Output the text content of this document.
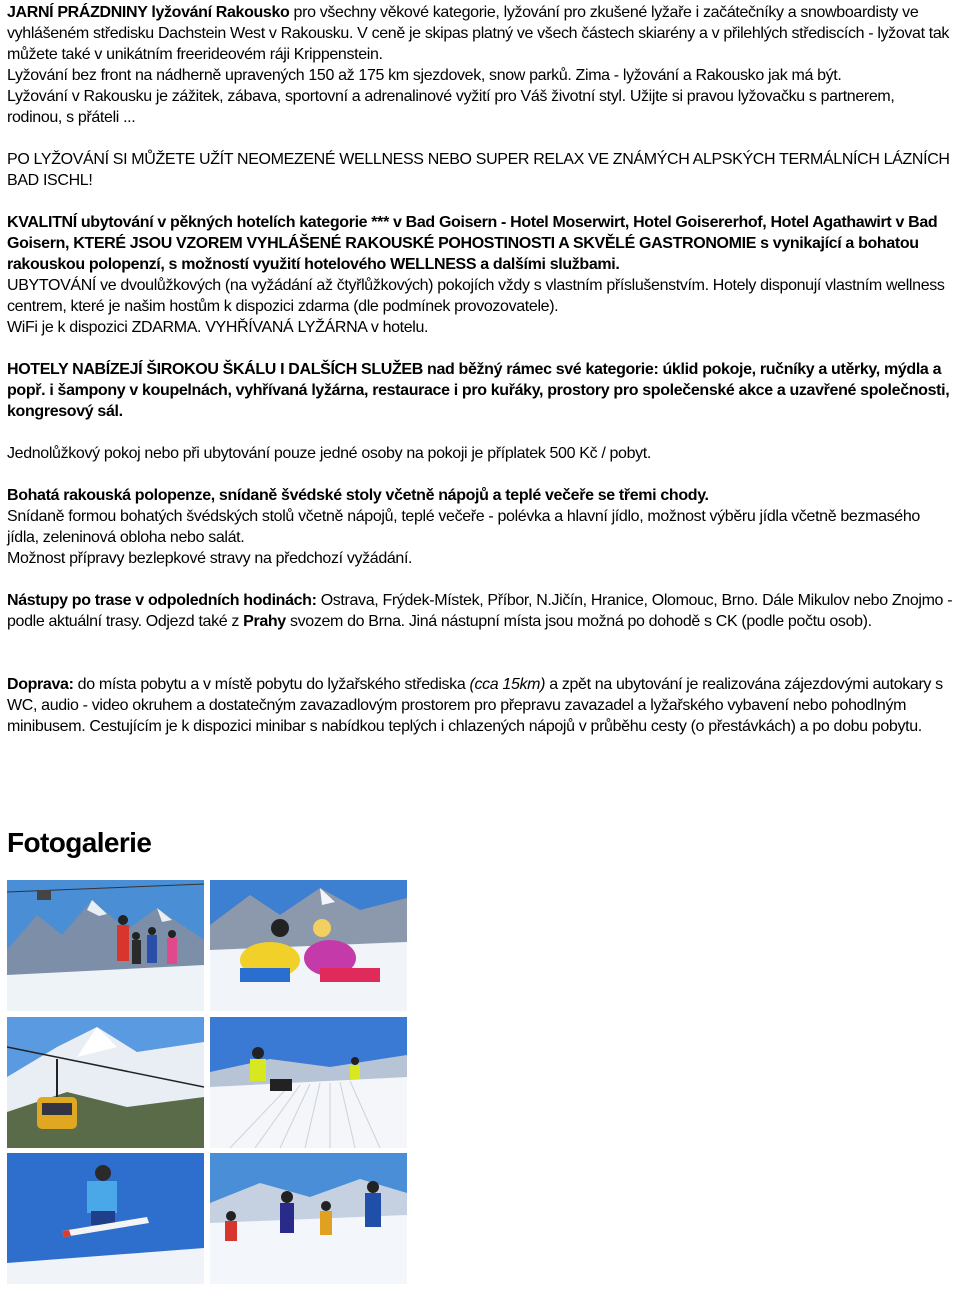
JARNÍ PRÁZDNINY lyžování Rakousko pro všechny věkové kategorie, lyžování pro zkušené lyžaře i začátečníky a snowboardisty ve vyhlášeném středisku Dachstein West v Rakousku. V ceně je skipas platný ve všech částech skiarény a v přilehlých střediscích - lyžovat tak můžete také v unikátním freerideovém ráji Krippenstein.

Lyžování bez front na nádherně upravených 150 až 175 km sjezdovek, snow parků. Zima - lyžování a Rakousko jak má být.

Lyžování v Rakousku je zážitek, zábava, sportovní a adrenalinové vyžití pro Váš životní styl. Užijte si pravou lyžovačku s partnerem, rodinou, s přáteli ...

PO LYŽOVÁNÍ SI MŮŽETE UŽÍT NEOMEZENÉ WELLNESS NEBO SUPER RELAX VE ZNÁMÝCH ALPSKÝCH TERMÁLNÍCH LÁZNÍCH BAD ISCHL!

KVALITNÍ ubytování v pěkných hotelích kategorie *** v Bad Goisern - Hotel Moserwirt, Hotel Goisererhof, Hotel Agathawirt v Bad Goisern, KTERÉ JSOU VZOREM VYHLÁŠENÉ RAKOUSKÉ POHOSTINOSTI A SKVĚLÉ GASTRONOMIE s vynikající a bohatou rakouskou polopenzí, s možností využití hotelového WELLNESS a dalšími službami.

UBYTOVÁNÍ ve dvoulůžkových (na vyžádání až čtyřlůžkových) pokojích vždy s vlastním příslušenstvím. Hotely disponují vlastním wellness centrem, které je našim hostům k dispozici zdarma (dle podmínek provozovatele).

WiFi je k dispozici ZDARMA. VYHŘÍVANÁ LYŽÁRNA v hotelu.

HOTELY NABÍZEJÍ ŠIROKOU ŠKÁLU I DALŠÍCH SLUŽEB nad běžný rámec své kategorie: úklid pokoje, ručníky a utěrky, mýdla a popř. i šampony v koupelnách, vyhřívaná lyžárna, restaurace i pro kuřáky, prostory pro společenské akce a uzavřené společnosti, kongresový sál.

Jednolůžkový pokoj nebo při ubytování pouze jedné osoby na pokoji je příplatek 500 Kč / pobyt.

Bohatá rakouská polopenze, snídaně švédské stoly včetně nápojů a teplé večeře se třemi chody.

Snídaně formou bohatých švédských stolů včetně nápojů, teplé večeře - polévka a hlavní jídlo, možnost výběru jídla včetně bezmasého jídla, zeleninová obloha nebo salát.

Možnost přípravy bezlepkové stravy na předchozí vyžádání.

Nástupy po trase v odpoledních hodinách: Ostrava, Frýdek-Místek, Příbor, N.Jičín, Hranice, Olomouc, Brno. Dále Mikulov nebo Znojmo - podle aktuální trasy. Odjezd také z Prahy svozem do Brna. Jiná nástupní místa jsou možná po dohodě s CK (podle počtu osob).

Doprava: do místa pobytu a v místě pobytu do lyžařského střediska (cca 15km) a zpět na ubytování je realizována zájezdovými autokary s WC, audio - video okruhem a dostatečným zavazadlovým prostorem pro přepravu zavazadel a lyžařského vybavení nebo pohodlným minibusem. Cestujícím je k dispozici minibar s nabídkou teplých i chlazených nápojů v průběhu cesty (o přestávkách) a po dobu pobytu.

Fotogalerie
